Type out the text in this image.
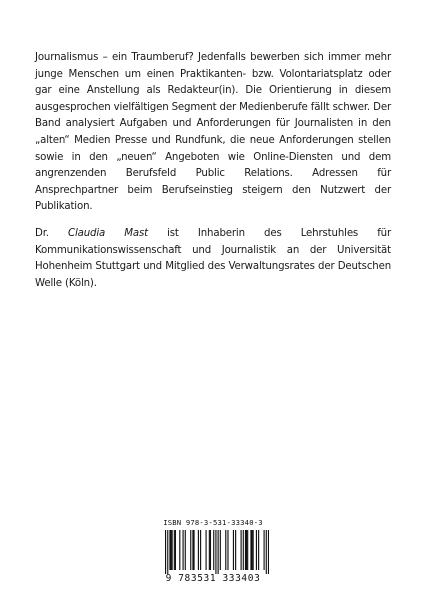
Journalismus – ein Traumberuf? Jedenfalls bewerben sich immer mehr junge Menschen um einen Praktikanten- bzw. Volontariatsplatz oder gar eine Anstellung als Redakteur(in). Die Orientierung in diesem ausgesprochen vielfältigen Segment der Medienberufe fällt schwer. Der Band analysiert Aufgaben und Anforderungen für Journalisten in den „alten“ Medien Presse und Rundfunk, die neue Anforderungen stellen sowie in den „neuen“ Angeboten wie Online-Diensten und dem angrenzenden Berufsfeld Public Relations. Adressen für Ansprechpartner beim Berufseinstieg steigern den Nutzwert der Publikation.

Dr. Claudia Mast ist Inhaberin des Lehrstuhles für Kommunikationswissenschaft und Journalistik an der Universität Hohenheim Stuttgart und Mitglied des Verwaltungsrates der Deutschen Welle (Köln).

ISBN 978-3-531-33340-3
9 783531 333403
